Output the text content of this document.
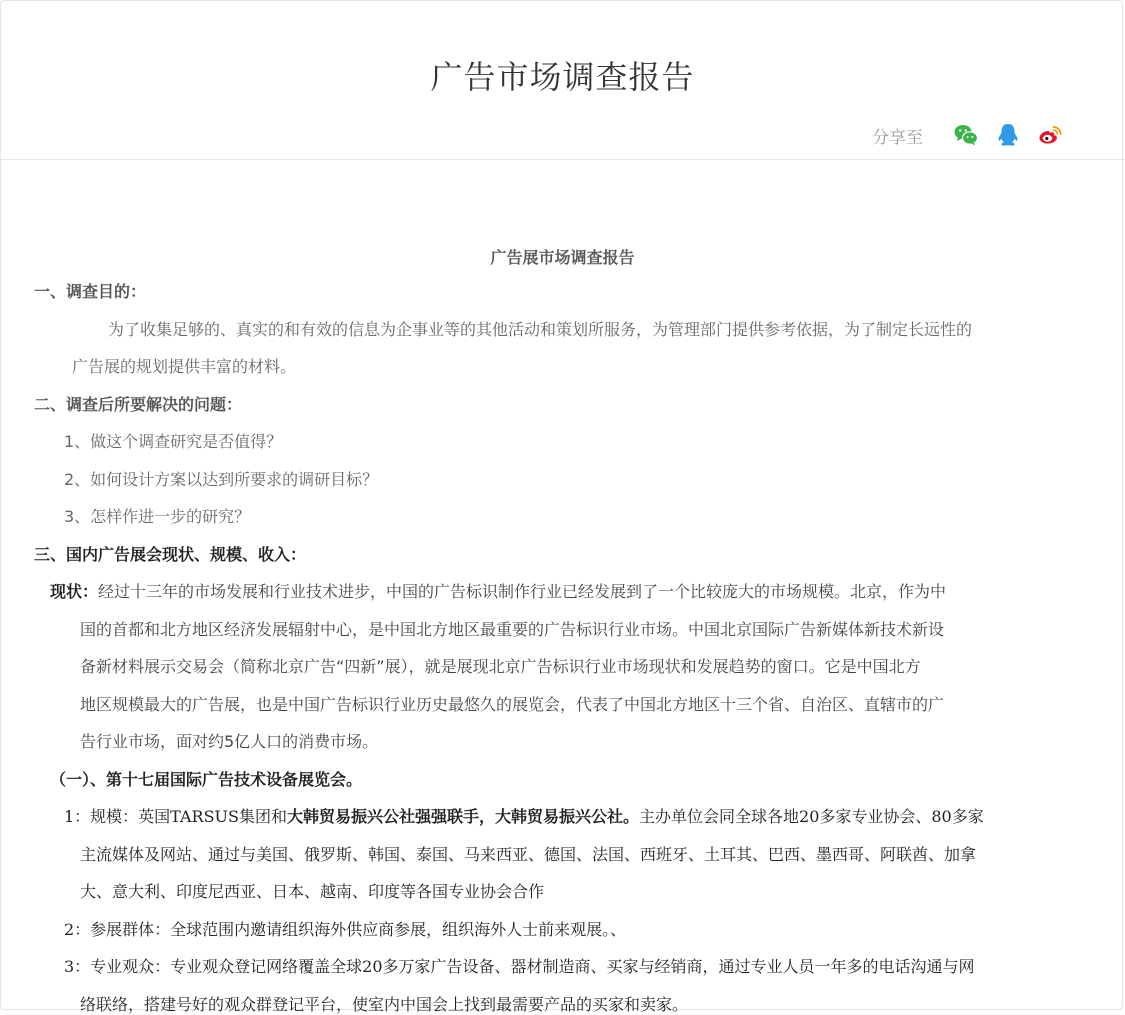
广告市场调查报告
分享至
广告展市场调查报告
一、调查目的：
为了收集足够的、真实的和有效的信息为企事业等的其他活动和策划所服务，为管理部门提供参考依据，为了制定长远性的
广告展的规划提供丰富的材料。
二、调查后所要解决的问题：
1、做这个调查研究是否值得？
2、如何设计方案以达到所要求的调研目标？
3、怎样作进一步的研究？
三、国内广告展会现状、规模、收入：
现状：经过十三年的市场发展和行业技术进步，中国的广告标识制作行业已经发展到了一个比较庞大的市场规模。北京，作为中
国的首都和北方地区经济发展辐射中心，是中国北方地区最重要的广告标识行业市场。中国北京国际广告新媒体新技术新设
备新材料展示交易会（简称北京广告“四新”展），就是展现北京广告标识行业市场现状和发展趋势的窗口。它是中国北方
地区规模最大的广告展，也是中国广告标识行业历史最悠久的展览会，代表了中国北方地区十三个省、自治区、直辖市的广
告行业市场，面对约5亿人口的消费市场。
（一）、第十七届国际广告技术设备展览会。
1：规模：英国TARSUS集团和大韩贸易振兴公社强强联手，大韩贸易振兴公社。主办单位会同全球各地20多家专业协会、80多家
主流媒体及网站、通过与美国、俄罗斯、韩国、泰国、马来西亚、德国、法国、西班牙、土耳其、巴西、墨西哥、阿联酋、加拿
大、意大利、印度尼西亚、日本、越南、印度等各国专业协会合作
2：参展群体：全球范围内邀请组织海外供应商参展，组织海外人士前来观展。、
3：专业观众：专业观众登记网络覆盖全球20多万家广告设备、器材制造商、买家与经销商，通过专业人员一年多的电话沟通与网
络联络，搭建号好的观众群登记平台，使室内中国会上找到最需要产品的买家和卖家。
